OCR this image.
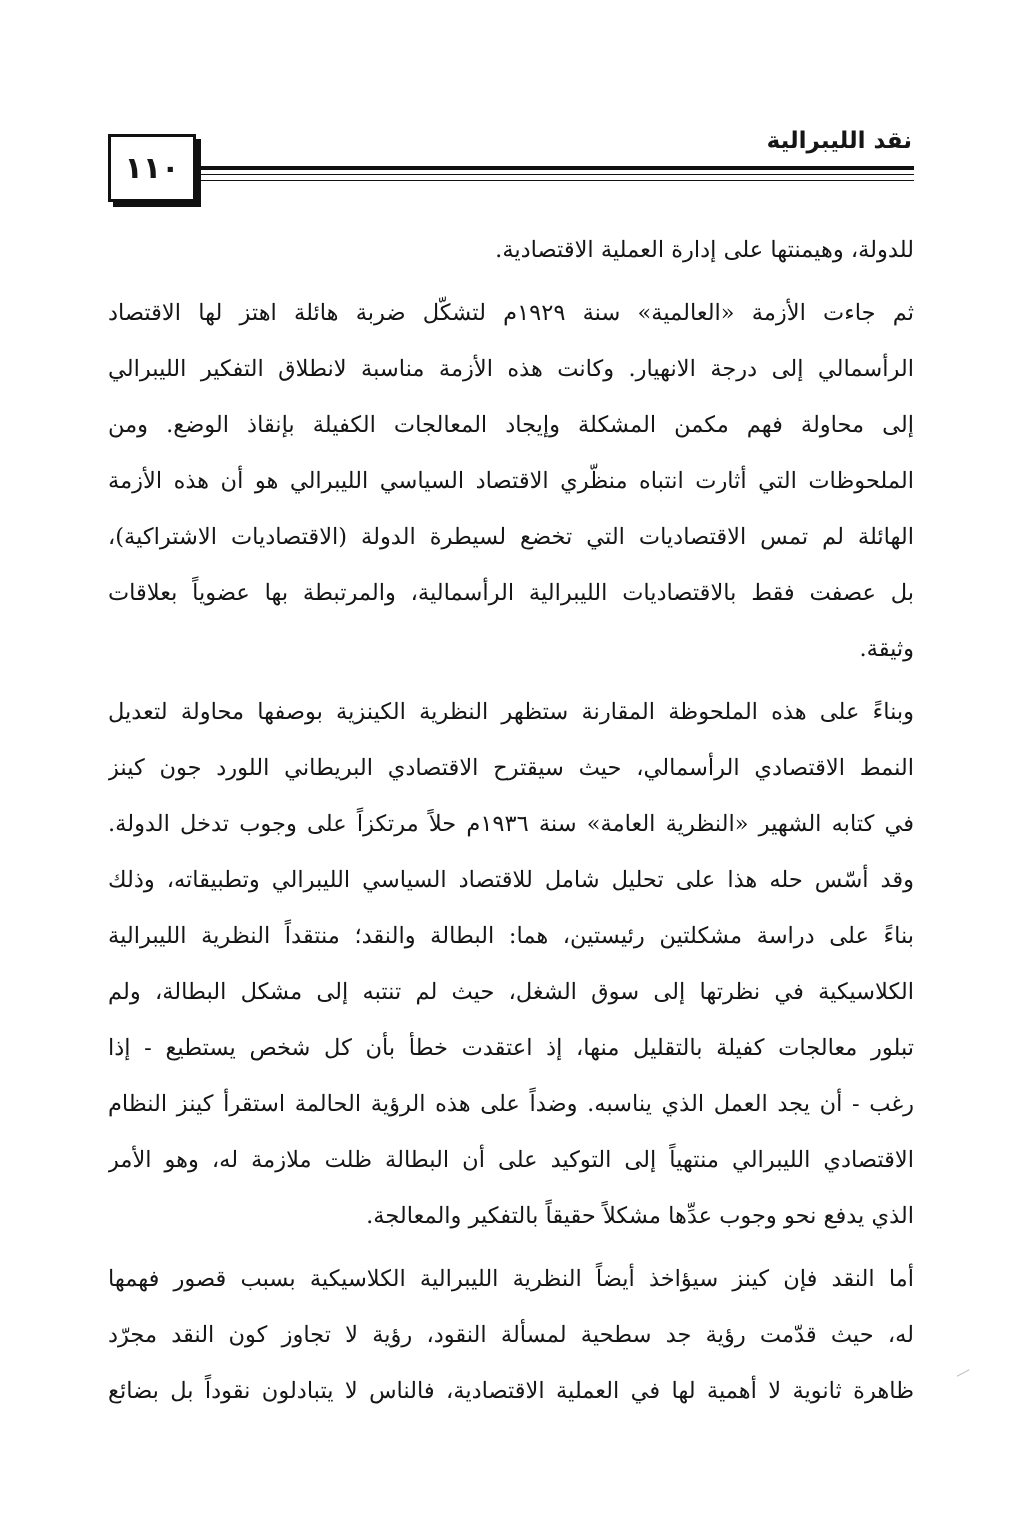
١١٠
نقد الليبرالية
للدولة، وهيمنتها على إدارة العملية الاقتصادية.
ثم جاءت الأزمة «العالمية» سنة ١٩٢٩م لتشكّل ضربة هائلة اهتز لها الاقتصاد
الرأسمالي إلى درجة الانهيار. وكانت هذه الأزمة مناسبة لانطلاق التفكير الليبرالي
إلى محاولة فهم مكمن المشكلة وإيجاد المعالجات الكفيلة بإنقاذ الوضع. ومن
الملحوظات التي أثارت انتباه منظّري الاقتصاد السياسي الليبرالي هو أن هذه الأزمة
الهائلة لم تمس الاقتصاديات التي تخضع لسيطرة الدولة (الاقتصاديات الاشتراكية)،
بل عصفت فقط بالاقتصاديات الليبرالية الرأسمالية، والمرتبطة بها عضوياً بعلاقات
وثيقة.
وبناءً على هذه الملحوظة المقارنة ستظهر النظرية الكينزية بوصفها محاولة لتعديل
النمط الاقتصادي الرأسمالي، حيث سيقترح الاقتصادي البريطاني اللورد جون كينز
في كتابه الشهير «النظرية العامة» سنة ١٩٣٦م حلاً مرتكزاً على وجوب تدخل الدولة.
وقد أسّس حله هذا على تحليل شامل للاقتصاد السياسي الليبرالي وتطبيقاته، وذلك
بناءً على دراسة مشكلتين رئيستين، هما: البطالة والنقد؛ منتقداً النظرية الليبرالية
الكلاسيكية في نظرتها إلى سوق الشغل، حيث لم تنتبه إلى مشكل البطالة، ولم
تبلور معالجات كفيلة بالتقليل منها، إذ اعتقدت خطأ بأن كل شخص يستطيع - إذا
رغب - أن يجد العمل الذي يناسبه. وضداً على هذه الرؤية الحالمة استقرأ كينز النظام
الاقتصادي الليبرالي منتهياً إلى التوكيد على أن البطالة ظلت ملازمة له، وهو الأمر
الذي يدفع نحو وجوب عدِّها مشكلاً حقيقاً بالتفكير والمعالجة.
أما النقد فإن كينز سيؤاخذ أيضاً النظرية الليبرالية الكلاسيكية بسبب قصور فهمها
له، حيث قدّمت رؤية جد سطحية لمسألة النقود، رؤية لا تجاوز كون النقد مجرّد
ظاهرة ثانوية لا أهمية لها في العملية الاقتصادية، فالناس لا يتبادلون نقوداً بل بضائع
